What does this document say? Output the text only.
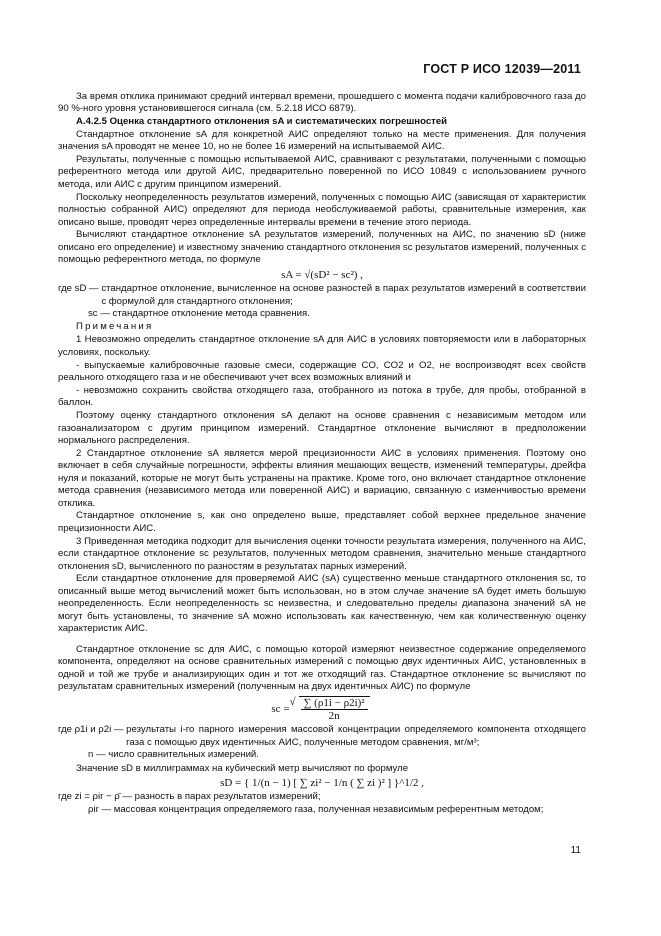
ГОСТ Р ИСО 12039—2011

За время отклика принимают средний интервал времени, прошедшего с момента подачи калибровочного газа до 90 %-ного уровня установившегося сигнала (см. 5.2.18 ИСО 6879).

А.4.2.5 Оценка стандартного отклонения sA и систематических погрешностей

Стандартное отклонение sA для конкретной АИС определяют только на месте применения. Для получения значения sA проводят не менее 10, но не более 16 измерений на испытываемой АИС.

Результаты, полученные с помощью испытываемой АИС, сравнивают с результатами, полученными с помощью референтного метода или другой АИС, предварительно поверенной по ИСО 10849 с использованием ручного метода, или АИС с другим принципом измерений.

Поскольку неопределенность результатов измерений, полученных с помощью АИС (зависящая от характеристик полностью собранной АИС) определяют для периода необслуживаемой работы, сравнительные измерения, как описано выше, проводят через определенные интервалы времени в течение этого периода.

Вычисляют стандартное отклонение sA результатов измерений, полученных на АИС, по значению sD (ниже описано его определение) и известному значению стандартного отклонения sc результатов измерений, полученных с помощью референтного метода, по формуле

sA = √(sD² − sc²) ,
где sD —
стандартное отклонение, вычисленное на основе разностей в парах результатов измерений в соответствии с формулой для стандартного отклонения;
sc —
стандартное отклонение метода сравнения.

Примечания

1 Невозможно определить стандартное отклонение sA для АИС в условиях повторяемости или в лабораторных условиях, поскольку.

- выпускаемые калибровочные газовые смеси, содержащие CO, CO2 и O2, не воспроизводят всех свойств реального отходящего газа и не обеспечивают учет всех возможных влияний и

- невозможно сохранить свойства отходящего газа, отобранного из потока в трубе, для пробы, отобранной в баллон.

Поэтому оценку стандартного отклонения sA делают на основе сравнения с независимым методом или газоанализатором с другим принципом измерений. Стандартное отклонение вычисляют в предположении нормального распределения.

2 Стандартное отклонение sA является мерой прецизионности АИС в условиях применения. Поэтому оно включает в себя случайные погрешности, эффекты влияния мешающих веществ, изменений температуры, дрейфа нуля и показаний, которые не могут быть устранены на практике. Кроме того, оно включает стандартное отклонение метода сравнения (независимого метода или поверенной АИС) и вариацию, связанную с изменчивостью времени отклика.

Стандартное отклонение s, как оно определено выше, представляет собой верхнее предельное значение прецизионности АИС.

3 Приведенная методика подходит для вычисления оценки точности результата измерения, полученного на АИС, если стандартное отклонение sc результатов, полученных методом сравнения, значительно меньше стандартного отклонения sD, вычисленного по разностям в результатах парных измерений.

Если стандартное отклонение для проверяемой АИС (sA) существенно меньше стандартного отклонения sc, то описанный выше метод вычислений может быть использован, но в этом случае значение sA будет иметь большую неопределенность. Если неопределенность sc неизвестна, и следовательно пределы диапазона значений sA не могут быть установлены, то значение sA можно использовать как качественную, чем как количественную оценку характеристик АИС.

Стандартное отклонение sc для АИС, с помощью которой измеряют неизвестное содержание определяемого компонента, определяют на основе сравнительных измерений с помощью двух идентичных АИС, установленных в одной и той же трубе и анализирующих один и тот же отходящий газ. Стандартное отклонение sc вычисляют по результатам сравнительных измерений (полученным на двух идентичных АИС) по формуле

sc =
√ $\frac{\text{∑ (ρ1i − ρ2i)²}}{2n}$
где ρ1i и ρ2i —
результаты i-го парного измерения массовой концентрации определяемого компонента отходящего газа с помощью двух идентичных АИС, полученные методом сравнения, мг/м³;
n —
число сравнительных измерений.

Значение sD в миллиграммах на кубический метр вычисляют по формуле

sD = { 1/(n − 1) [ ∑ zi² − 1/n ( ∑ zi )² ] }^1/2 ,
где zi = ρir − ρ̄ —
разность в парах результатов измерений;
ρir —
массовая концентрация определяемого газа, полученная независимым референтным методом;
11
